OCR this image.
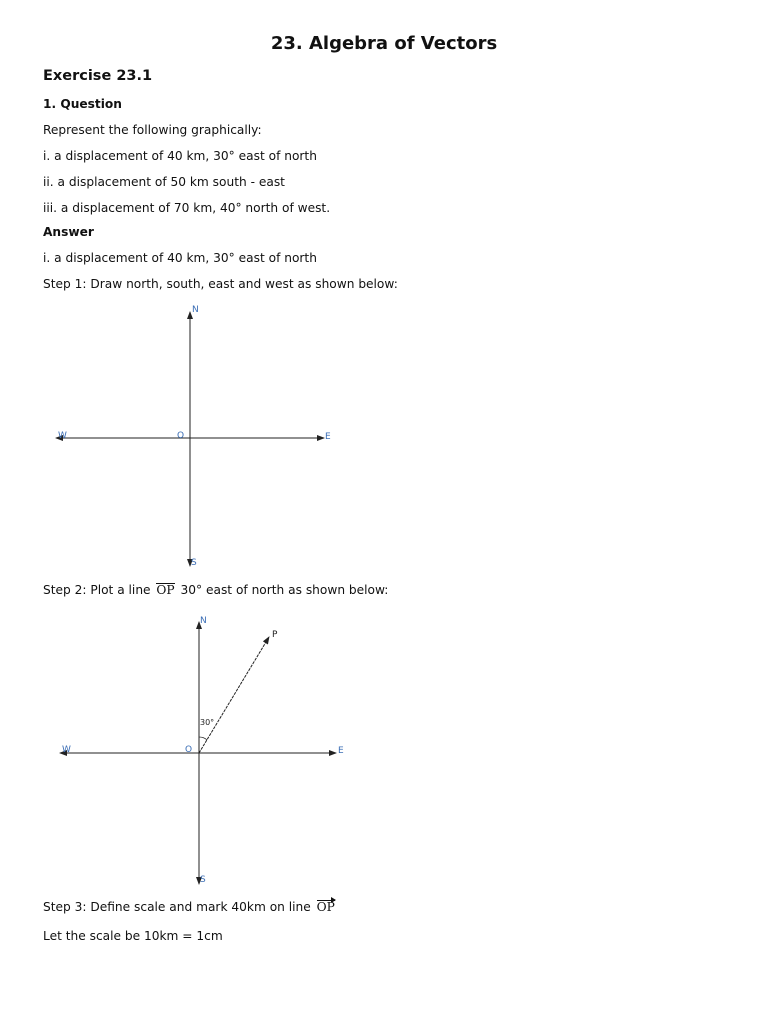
23. Algebra of Vectors
Exercise 23.1
1. Question
Represent the following graphically:
i. a displacement of 40 km, 30° east of north
ii. a displacement of 50 km south - east
iii. a displacement of 70 km, 40° north of west.
Answer
i. a displacement of 40 km, 30° east of north
Step 1: Draw north, south, east and west as shown below:
N
S
E
W	O
Step 2: Plot a line OP 30° east of north as shown below:
N
S
E
W	O
P
30°
Step 3: Define scale and mark 40km on line OP
Let the scale be 10km = 1cm
